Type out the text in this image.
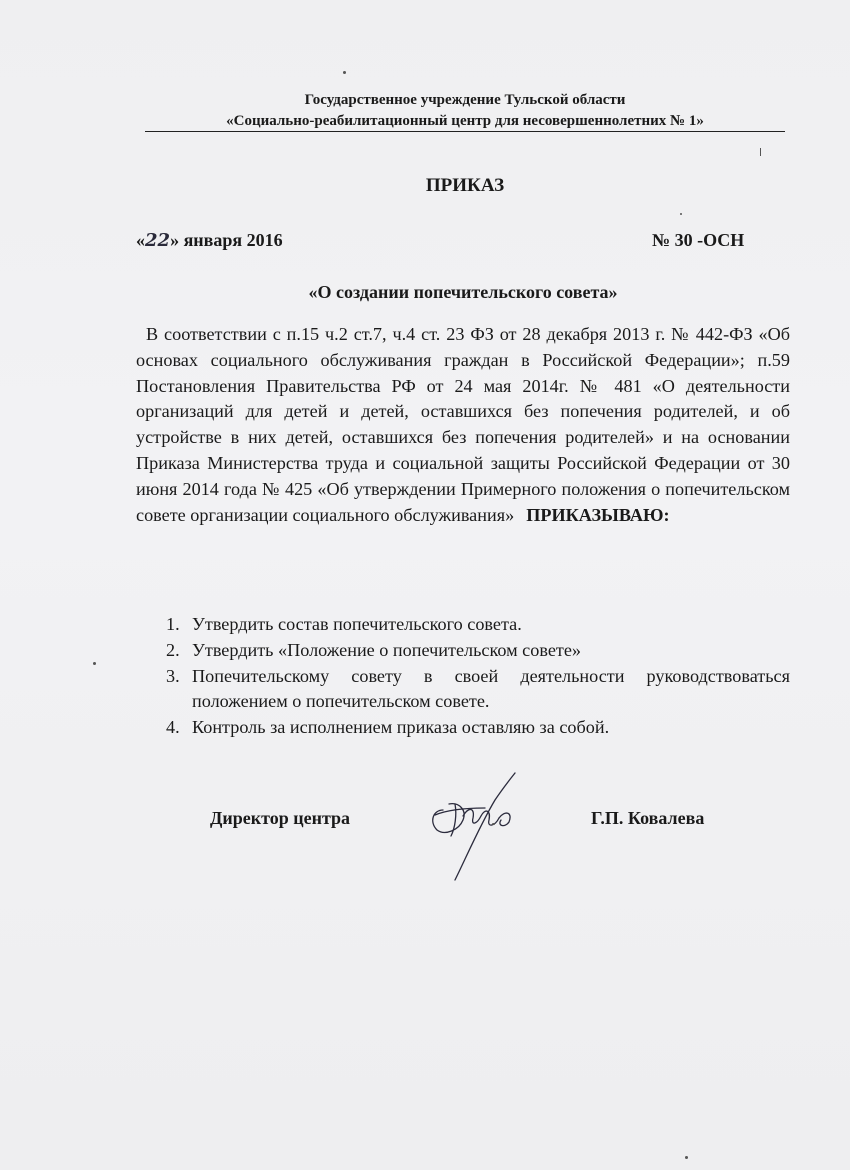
Государственное учреждение Тульской области
«Социально-реабилитационный центр для несовершеннолетних № 1»
ПРИКАЗ
«22» января 2016	№ 30 -ОСН
«О создании попечительского совета»

В соответствии с п.15 ч.2 ст.7, ч.4 ст. 23 ФЗ от 28 декабря 2013 г. № 442-ФЗ «Об основах социального обслуживания граждан в Российской Федерации»; п.59 Постановления Правительства РФ от 24 мая 2014г. № 481 «О деятельности организаций для детей и детей, оставшихся без попечения родителей, и об устройстве в них детей, оставшихся без попечения родителей» и на основании Приказа Министерства труда и социальной защиты Российской Федерации от 30 июня 2014 года № 425 «Об утверждении Примерного положения о попечительском совете организации социального обслуживания» ПРИКАЗЫВАЮ:

1. Утвердить состав попечительского совета.
2. Утвердить «Положение о попечительском совете»
3. Попечительскому совету в своей деятельности руководствоваться положением о попечительском совете.
4. Контроль за исполнением приказа оставляю за собой.
Директор центра	Г.П. Ковалева
